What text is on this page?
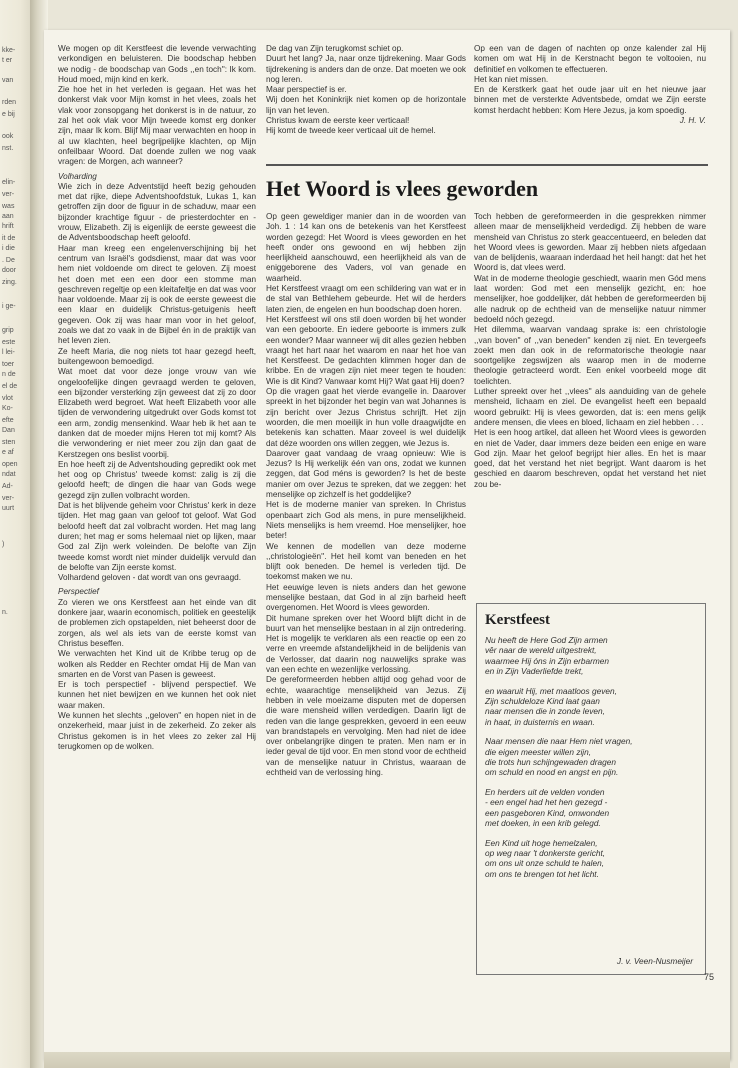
kke-
t er
van
rden
e bij
ook
nst.
elin-
ver-
was
aan
hrift
it de
i die
. De
door
zing.
i ge-
grip
este
l lei-
toer
n de
el de
vlot
Ko-
efte
Dan
sten
e af
open
ndat
Ad-
ver-
uurt
)
n.

We mogen op dit Kerstfeest die levende verwachting verkondigen en beluisteren. Die boodschap hebben we nodig - de boodschap van Gods ,,en toch'': Ik kom. Houd moed, mijn kind en kerk.

Zie hoe het in het verleden is gegaan. Het was het donkerst vlak voor Mijn komst in het vlees, zoals het vlak voor zonsopgang het donkerst is in de natuur, zo zal het ook vlak voor Mijn tweede komst erg donker zijn, maar Ik kom. Blijf Mij maar verwachten en hoop in al uw klachten, heel begrijpelijke klachten, op Mijn onfeilbaar Woord. Dat doende zullen we nog vaak vragen: de Morgen, ach wanneer?

Volharding

Wie zich in deze Adventstijd heeft bezig gehouden met dat rijke, diepe Adventshoofdstuk, Lukas 1, kan getroffen zijn door de figuur in de schaduw, maar een bijzonder krachtige figuur - de priesterdochter en -vrouw, Elizabeth. Zij is eigenlijk de eerste geweest die de Adventsboodschap heeft geloofd.

Haar man kreeg een engelenverschijning bij het centrum van Israël's godsdienst, maar dat was voor hem niet voldoende om direct te geloven. Zij moest het doen met een een door een stomme man geschreven regeltje op een kleitafeltje en dat was voor haar voldoende. Maar zij is ook de eerste geweest die een klaar en duidelijk Christus-getuigenis heeft gegeven. Ook zij was haar man voor in het geloof, zoals we dat zo vaak in de Bijbel én in de praktijk van het leven zien.

Ze heeft Maria, die nog niets tot haar gezegd heeft, buitengewoon bemoedigd.

Wat moet dat voor deze jonge vrouw van wie ongeloofelijke dingen gevraagd werden te geloven, een bijzonder versterking zijn geweest dat zij zo door Elizabeth werd begroet. Wat heeft Elizabeth voor alle tijden de verwondering uitgedrukt over Gods komst tot een arm, zondig mensenkind. Waar heb ik het aan te danken dat de moeder mijns Heren tot mij komt? Als die verwondering er niet meer zou zijn dan gaat de Kerstzegen ons beslist voorbij.

En hoe heeft zij de Adventshouding gepredikt ook met het oog op Christus' tweede komst: zalig is zij die geloofd heeft; de dingen die haar van Gods wege gezegd zijn zullen volbracht worden.

Dat is het blijvende geheim voor Christus' kerk in deze tijden. Het mag gaan van geloof tot geloof. Wat God beloofd heeft dat zal volbracht worden. Het mag lang duren; het mag er soms helemaal niet op lijken, maar God zal Zijn werk voleinden. De belofte van Zijn tweede komst wordt niet minder duidelijk vervuld dan de belofte van Zijn eerste komst.

Volhardend geloven - dat wordt van ons gevraagd.

Perspectief

Zo vieren we ons Kerstfeest aan het einde van dit donkere jaar, waarin economisch, politiek en geestelijk de problemen zich opstapelden, niet beheerst door de zorgen, als wel als iets van de eerste komst van Christus beseffen.

We verwachten het Kind uit de Kribbe terug op de wolken als Redder en Rechter omdat Hij de Man van smarten en de Vorst van Pasen is geweest.

Er is toch perspectief - blijvend perspectief. We kunnen het niet bewijzen en we kunnen het ook niet waar maken.

We kunnen het slechts ,,geloven'' en hopen niet in de onzekerheid, maar juist in de zekerheid. Zo zeker als Christus gekomen is in het vlees zo zeker zal Hij terugkomen op de wolken.

De dag van Zijn terugkomst schiet op.

Duurt het lang? Ja, naar onze tijdrekening. Maar Gods tijdrekening is anders dan de onze. Dat moeten we ook nog leren.

Maar perspectief is er.

Wij doen het Koninkrijk niet komen op de horizontale lijn van het leven.

Christus kwam de eerste keer verticaal!

Hij komt de tweede keer verticaal uit de hemel.

Op een van de dagen of nachten op onze kalender zal Hij komen om wat Hij in de Kerstnacht begon te voltooien, nu definitief en volkomen te effectueren.

Het kan niet missen.

En de Kerstkerk gaat het oude jaar uit en het nieuwe jaar binnen met de versterkte Adventsbede, omdat we Zijn eerste komst herdacht hebben: Kom Here Jezus, ja kom spoedig.

J. H. V.

Het Woord is vlees geworden

Op geen geweldiger manier dan in de woorden van Joh. 1 : 14 kan ons de betekenis van het Kerstfeest worden gezegd: Het Woord is vlees geworden en het heeft onder ons gewoond en wij hebben zijn heerlijkheid aanschouwd, een heerlijkheid als van de eniggeborene des Vaders, vol van genade en waarheid.

Het Kerstfeest vraagt om een schildering van wat er in de stal van Bethlehem gebeurde. Het wil de herders laten zien, de engelen en hun boodschap doen horen.

Het Kerstfeest wil ons stil doen worden bij het wonder van een geboorte. En iedere geboorte is immers zulk een wonder? Maar wanneer wij dit alles gezien hebben vraagt het hart naar het waarom en naar het hoe van het Kerstfeest. De gedachten klimmen hoger dan de kribbe. En de vragen zijn niet meer tegen te houden: Wie is dit Kind? Vanwaar komt Hij? Wat gaat Hij doen?

Op die vragen gaat het vierde evangelie in. Daarover spreekt in het bijzonder het begin van wat Johannes is zijn bericht over Jezus Christus schrijft. Het zijn woorden, die men moeilijk in hun volle draagwijdte en betekenis kan schatten. Maar zoveel is wel duidelijk dat déze woorden ons willen zeggen, wie Jezus is.

Daarover gaat vandaag de vraag opnieuw: Wie is Jezus? Is Hij werkelijk één van ons, zodat we kunnen zeggen, dat God méns is geworden? Is het de beste manier om over Jezus te spreken, dat we zeggen: het menselijke op zichzelf is het goddelijke?

Het is de moderne manier van spreken. In Christus openbaart zich God als mens, in pure menselijkheid. Niets menselijks is hem vreemd. Hoe menselijker, hoe beter!

We kennen de modellen van deze moderne ,,christologieën''. Het heil komt van beneden en het blijft ook beneden. De hemel is verleden tijd. De toekomst maken we nu.

Het eeuwige leven is niets anders dan het gewone menselijke bestaan, dat God in al zijn barheid heeft overgenomen. Het Woord is vlees geworden.

Dit humane spreken over het Woord blijft dicht in de buurt van het menselijke bestaan in al zijn ontredering. Het is mogelijk te verklaren als een reactie op een zo verre en vreemde afstandelijkheid in de belijdenis van de Verlosser, dat daarin nog nauwelijks sprake was van een echte en wezenlijke verlossing.

De gereformeerden hebben altijd oog gehad voor de echte, waarachtige menselijkheid van Jezus. Zij hebben in vele moeizame disputen met de dopersen die ware mensheid willen verdedigen. Daarin ligt de reden van die lange gesprekken, gevoerd in een eeuw van brandstapels en vervolging. Men had niet de idee over onbelangrijke dingen te praten. Men nam er in ieder geval de tijd voor. En men stond voor de echtheid van de menselijke natuur in Christus, waaraan de echtheid van de verlossing hing.

Toch hebben de gereformeerden in die gesprekken nimmer alleen maar de menselijkheid verdedigd. Zij hebben de ware mensheid van Christus zo sterk geaccentueerd, en beleden dat het Woord vlees is geworden. Maar zij hebben niets afgedaan van de belijdenis, waaraan inderdaad het heil hangt: dat het het Woord is, dat vlees werd.

Wat in de moderne theologie geschiedt, waarin men Gód mens laat worden: God met een menselijk gezicht, en: hoe menselijker, hoe goddelijker, dát hebben de gereformeerden bij alle nadruk op de echtheid van de menselijke natuur nimmer bedoeld nóch gezegd.

Het dilemma, waarvan vandaag sprake is: een christologie ,,van boven'' of ,,van beneden'' kenden zij niet. En tevergeefs zoekt men dan ook in de reformatorische theologie naar soortgelijke zegswijzen als waarop men in de moderne theologie getracteerd wordt. Een enkel voorbeeld moge dit toelichten.

Luther spreekt over het ,,vlees'' als aanduiding van de gehele mensheid, lichaam en ziel. De evangelist heeft een bepaald woord gebruikt: Hij is vlees geworden, dat is: een mens gelijk andere mensen, die vlees en bloed, lichaam en ziel hebben . . .

Het is een hoog artikel, dat alleen het Woord vlees is geworden en niet de Vader, daar immers deze beiden een enige en ware God zijn. Maar het geloof begrijpt hier alles. En het is maar goed, dat het verstand het niet begrijpt. Want daarom is het geschied en daarom beschreven, opdat het verstand het niet zou be-

Kerstfeest
Nu heeft de Here God Zijn armen
vêr naar de wereld uitgestrekt,
waarmee Hij óns in Zijn erbarmen
en in Zijn Vaderliefde trekt,
en waaruit Hij, met maatloos geven,
Zijn schuldeloze Kind laat gaan
naar mensen die in zonde leven,
in haat, in duisternis en waan.
Naar mensen die naar Hem niet vragen,
die eigen meester willen zijn,
die trots hun schijngewaden dragen
om schuld en nood en angst en pijn.
En herders uit de velden vonden
- een engel had het hen gezegd -
een pasgeboren Kind, omwonden
met doeken, in een krib gelegd.
Een Kind uit hoge hemelzalen,
op weg naar 't donkerste gericht,
om ons uit onze schuld te halen,
om ons te brengen tot het licht.
J. v. Veen-Nusmeijer
75
